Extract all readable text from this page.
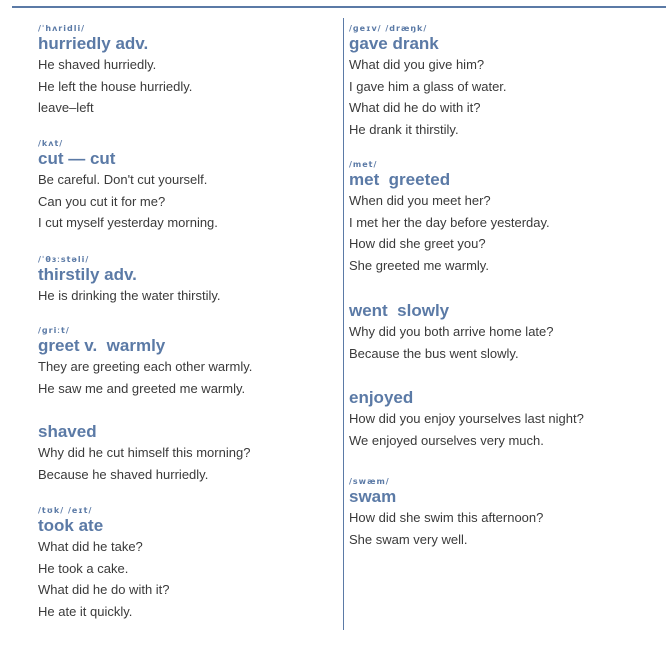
/ˈhʌridli/
hurriedly adv.
He shaved hurriedly.
He left the house hurriedly.
leave–left
/kʌt/
cut — cut
Be careful. Don't cut yourself.
Can you cut it for me?
I cut myself yesterday morning.
/ˈθɜːstəli/
thirstily adv.
He is drinking the water thirstily.
/ɡriːt/
greet v.  warmly
They are greeting each other warmly.
He saw me and greeted me warmly.
shaved
Why did he cut himself this morning?
Because he shaved hurriedly.
/tʊk/ /eɪt/
took ate
What did he take?
He took a cake.
What did he do with it?
He ate it quickly.
/ɡeɪv/ /dræŋk/
gave drank
What did you give him?
I gave him a glass of water.
What did he do with it?
He drank it thirstily.
/met/
met  greeted
When did you meet her?
I met her the day before yesterday.
How did she greet you?
She greeted me warmly.
went  slowly
Why did you both arrive home late?
Because the bus went slowly.
enjoyed
How did you enjoy yourselves last night?
We enjoyed ourselves very much.
/swæm/
swam
How did she swim this afternoon?
She swam very well.
